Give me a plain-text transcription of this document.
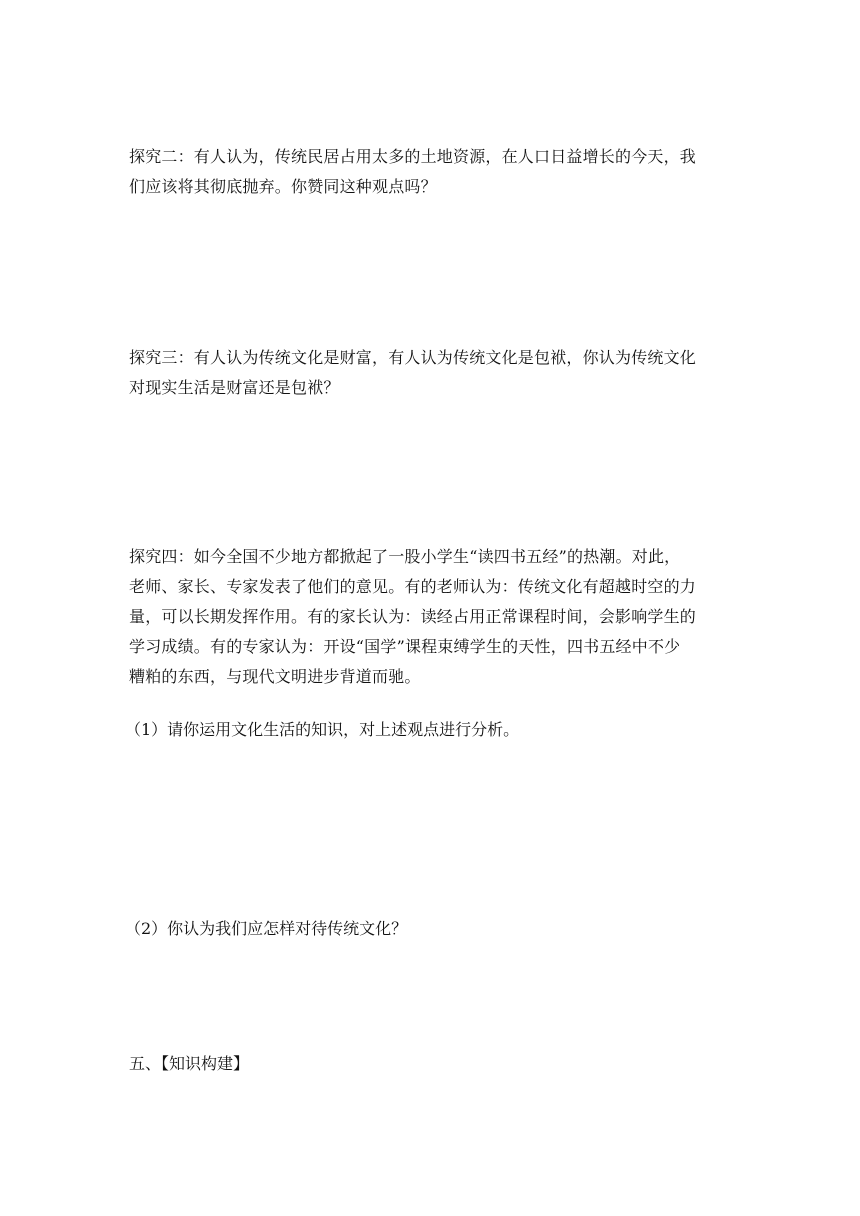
探究二：有人认为，传统民居占用太多的土地资源，在人口日益增长的今天，我
们应该将其彻底抛弃。你赞同这种观点吗？
探究三：有人认为传统文化是财富，有人认为传统文化是包袱，你认为传统文化
对现实生活是财富还是包袱？
探究四：如今全国不少地方都掀起了一股小学生“读四书五经”的热潮。对此，
老师、家长、专家发表了他们的意见。有的老师认为：传统文化有超越时空的力
量，可以长期发挥作用。有的家长认为：读经占用正常课程时间，会影响学生的
学习成绩。有的专家认为：开设“国学”课程束缚学生的天性，四书五经中不少
糟粕的东西，与现代文明进步背道而驰。

（1）请你运用文化生活的知识，对上述观点进行分析。

（2）你认为我们应怎样对待传统文化？

五、【知识构建】
